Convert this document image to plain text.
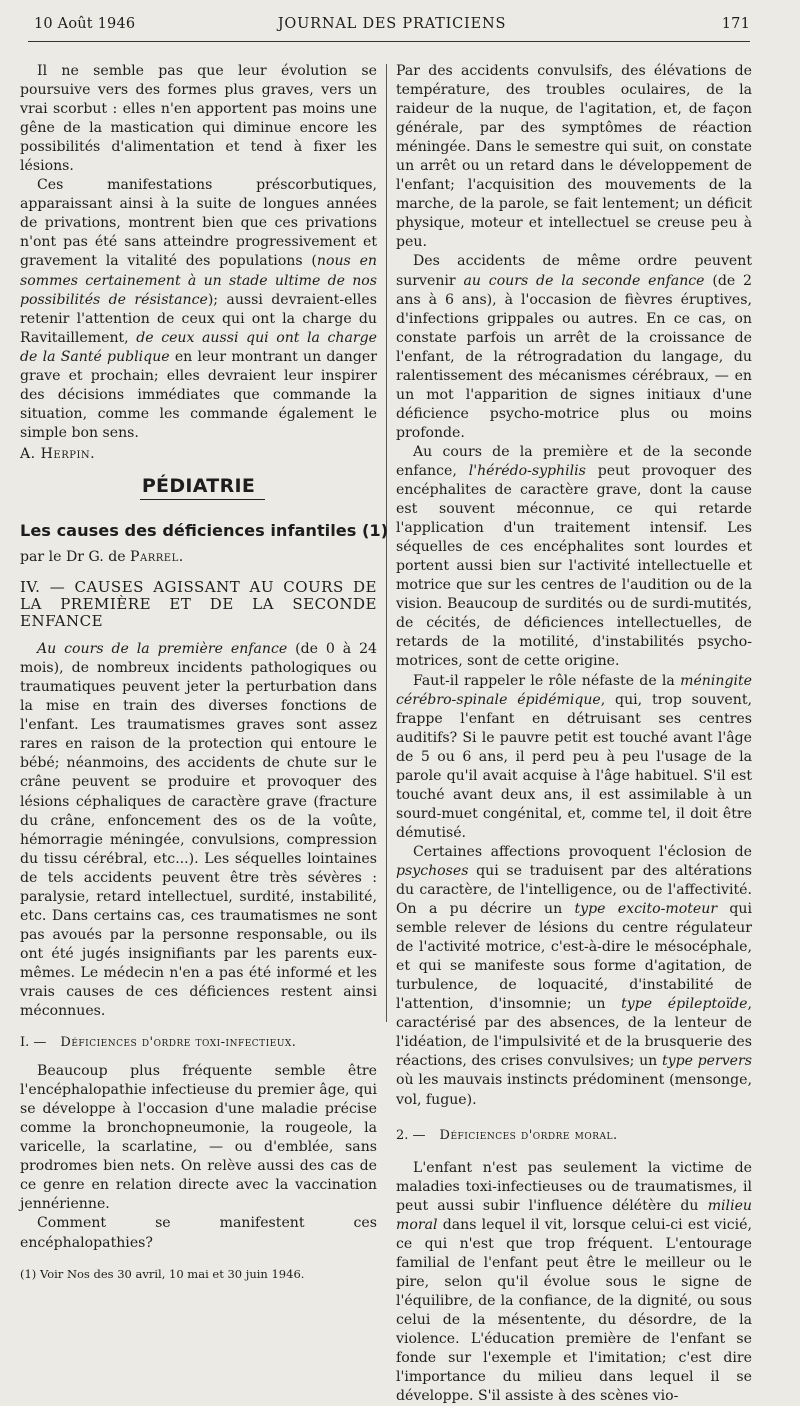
10 Août 1946	JOURNAL DES PRATICIENS	171

Il ne semble pas que leur évolution se poursuive vers des formes plus graves, vers un vrai scorbut : elles n'en apportent pas moins une gêne de la mastication qui diminue encore les possibilités d'alimentation et tend à fixer les lésions.

Ces manifestations préscorbutiques, apparaissant ainsi à la suite de longues années de privations, montrent bien que ces privations n'ont pas été sans atteindre progressivement et gravement la vitalité des populations (nous en sommes certainement à un stade ultime de nos possibilités de résistance); aussi devraient-elles retenir l'attention de ceux qui ont la charge du Ravitaillement, de ceux aussi qui ont la charge de la Santé publique en leur montrant un danger grave et prochain; elles devraient leur inspirer des décisions immédiates que commande la situation, comme les commande également le simple bon sens.

A. Herpin.

PÉDIATRIE
Les causes des déficiences infantiles (1)

par le Dr G. de Parrel.

IV. — CAUSES AGISSANT AU COURS DE LA PREMIÈRE ET DE LA SECONDE ENFANCE

Au cours de la première enfance (de 0 à 24 mois), de nombreux incidents pathologiques ou traumatiques peuvent jeter la perturbation dans la mise en train des diverses fonctions de l'enfant. Les traumatismes graves sont assez rares en raison de la protection qui entoure le bébé; néanmoins, des accidents de chute sur le crâne peuvent se produire et provoquer des lésions céphaliques de caractère grave (fracture du crâne, enfoncement des os de la voûte, hémorragie méningée, convulsions, compression du tissu cérébral, etc...). Les séquelles lointaines de tels accidents peuvent être très sévères : paralysie, retard intellectuel, surdité, instabilité, etc. Dans certains cas, ces traumatismes ne sont pas avoués par la personne responsable, ou ils ont été jugés insignifiants par les parents eux-mêmes. Le médecin n'en a pas été informé et les vrais causes de ces déficiences restent ainsi méconnues.

I. — Déficiences d'ordre toxi-infectieux.

Beaucoup plus fréquente semble être l'encéphalopathie infectieuse du premier âge, qui se développe à l'occasion d'une maladie précise comme la bronchopneumonie, la rougeole, la varicelle, la scarlatine, — ou d'emblée, sans prodromes bien nets. On relève aussi des cas de ce genre en relation directe avec la vaccination jennérienne.

Comment se manifestent ces encéphalopathies?

(1) Voir Nos des 30 avril, 10 mai et 30 juin 1946.

Par des accidents convulsifs, des élévations de température, des troubles oculaires, de la raideur de la nuque, de l'agitation, et, de façon générale, par des symptômes de réaction méningée. Dans le semestre qui suit, on constate un arrêt ou un retard dans le développement de l'enfant; l'acquisition des mouvements de la marche, de la parole, se fait lentement; un déficit physique, moteur et intellectuel se creuse peu à peu.

Des accidents de même ordre peuvent survenir au cours de la seconde enfance (de 2 ans à 6 ans), à l'occasion de fièvres éruptives, d'infections grippales ou autres. En ce cas, on constate parfois un arrêt de la croissance de l'enfant, de la rétrogradation du langage, du ralentissement des mécanismes cérébraux, — en un mot l'apparition de signes initiaux d'une déficience psycho-motrice plus ou moins profonde.

Au cours de la première et de la seconde enfance, l'hérédo-syphilis peut provoquer des encéphalites de caractère grave, dont la cause est souvent méconnue, ce qui retarde l'application d'un traitement intensif. Les séquelles de ces encéphalites sont lourdes et portent aussi bien sur l'activité intellectuelle et motrice que sur les centres de l'audition ou de la vision. Beaucoup de surdités ou de surdi-mutités, de cécités, de déficiences intellectuelles, de retards de la motilité, d'instabilités psycho-motrices, sont de cette origine.

Faut-il rappeler le rôle néfaste de la méningite cérébro-spinale épidémique, qui, trop souvent, frappe l'enfant en détruisant ses centres auditifs? Si le pauvre petit est touché avant l'âge de 5 ou 6 ans, il perd peu à peu l'usage de la parole qu'il avait acquise à l'âge habituel. S'il est touché avant deux ans, il est assimilable à un sourd-muet congénital, et, comme tel, il doit être démutisé.

Certaines affections provoquent l'éclosion de psychoses qui se traduisent par des altérations du caractère, de l'intelligence, ou de l'affectivité. On a pu décrire un type excito-moteur qui semble relever de lésions du centre régulateur de l'activité motrice, c'est-à-dire le mésocéphale, et qui se manifeste sous forme d'agitation, de turbulence, de loquacité, d'instabilité de l'attention, d'insomnie; un type épileptoïde, caractérisé par des absences, de la lenteur de l'idéation, de l'impulsivité et de la brusquerie des réactions, des crises convulsives; un type pervers où les mauvais instincts prédominent (mensonge, vol, fugue).

2. — Déficiences d'ordre moral.

L'enfant n'est pas seulement la victime de maladies toxi-infectieuses ou de traumatismes, il peut aussi subir l'influence délétère du milieu moral dans lequel il vit, lorsque celui-ci est vicié, ce qui n'est que trop fréquent. L'entourage familial de l'enfant peut être le meilleur ou le pire, selon qu'il évolue sous le signe de l'équilibre, de la confiance, de la dignité, ou sous celui de la mésentente, du désordre, de la violence. L'éducation première de l'enfant se fonde sur l'exemple et l'imitation; c'est dire l'importance du milieu dans lequel il se développe. S'il assiste à des scènes vio-
